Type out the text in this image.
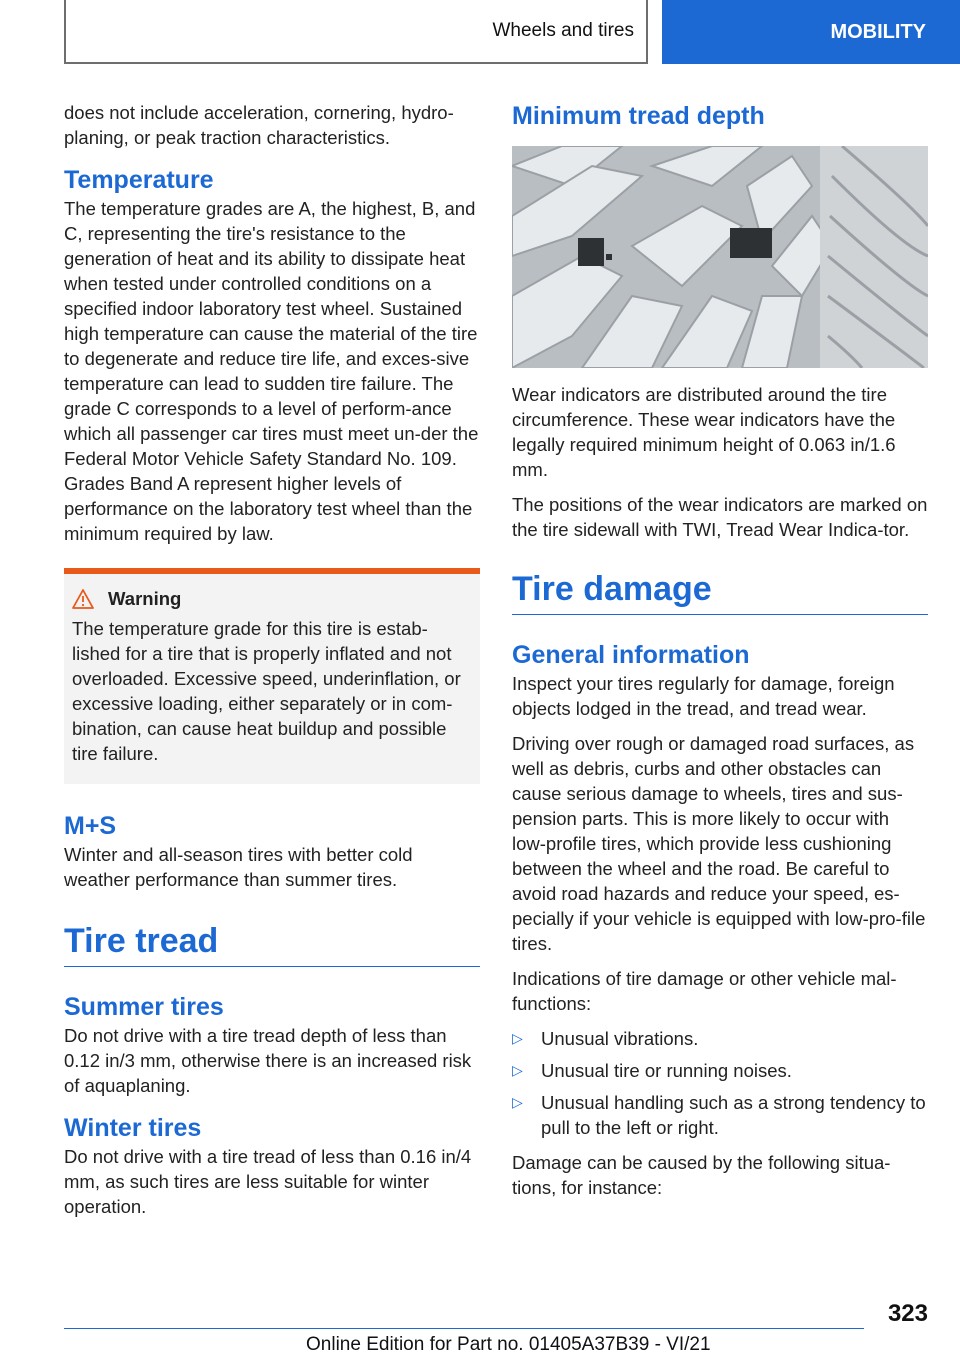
Wheels and tires	MOBILITY

does not include acceleration, cornering, hydro-planing, or peak traction characteristics.

Temperature

The temperature grades are A, the highest, B, and C, representing the tire's resistance to the generation of heat and its ability to dissipate heat when tested under controlled conditions on a specified indoor laboratory test wheel. Sustained high temperature can cause the material of the tire to degenerate and reduce tire life, and exces-sive temperature can lead to sudden tire failure. The grade C corresponds to a level of perform-ance which all passenger car tires must meet un-der the Federal Motor Vehicle Safety Standard No. 109. Grades Band A represent higher levels of performance on the laboratory test wheel than the minimum required by law.

Warning

The temperature grade for this tire is estab-lished for a tire that is properly inflated and not overloaded. Excessive speed, underinflation, or excessive loading, either separately or in com-bination, can cause heat buildup and possible tire failure.

M+S

Winter and all-season tires with better cold weather performance than summer tires.

Tire tread
Summer tires

Do not drive with a tire tread depth of less than 0.12 in/3 mm, otherwise there is an increased risk of aquaplaning.

Winter tires

Do not drive with a tire tread of less than 0.16 in/4 mm, as such tires are less suitable for winter operation.

Minimum tread depth

Wear indicators are distributed around the tire circumference. These wear indicators have the legally required minimum height of 0.063 in/1.6 mm.

The positions of the wear indicators are marked on the tire sidewall with TWI, Tread Wear Indica-tor.

Tire damage
General information

Inspect your tires regularly for damage, foreign objects lodged in the tread, and tread wear.

Driving over rough or damaged road surfaces, as well as debris, curbs and other obstacles can cause serious damage to wheels, tires and sus-pension parts. This is more likely to occur with low-profile tires, which provide less cushioning between the wheel and the road. Be careful to avoid road hazards and reduce your speed, es-pecially if your vehicle is equipped with low-pro-file tires.

Indications of tire damage or other vehicle mal-functions:

▷ Unusual vibrations.
▷ Unusual tire or running noises.
▷ Unusual handling such as a strong tendency to pull to the left or right.

Damage can be caused by the following situa-tions, for instance:

323
Online Edition for Part no. 01405A37B39 - VI/21
